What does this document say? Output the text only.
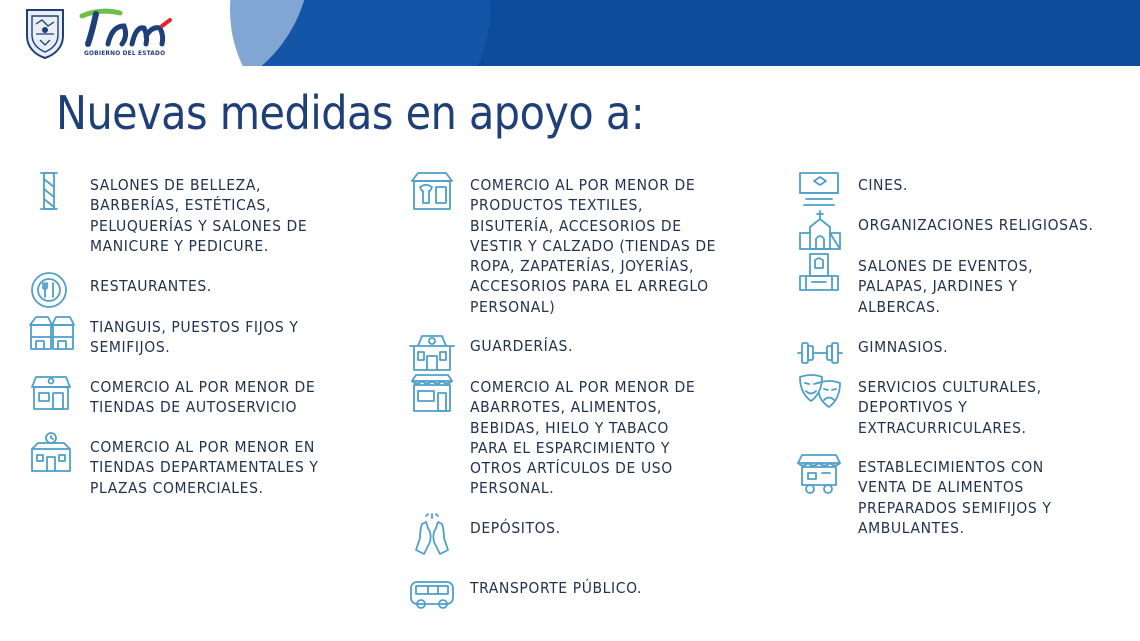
GOBIERNO DEL ESTADO
Nuevas medidas en apoyo a:
SALONES DE BELLEZA,
BARBERÍAS, ESTÉTICAS,
PELUQUERÍAS Y SALONES DE
MANICURE Y PEDICURE.
RESTAURANTES.
TIANGUIS, PUESTOS FIJOS Y
SEMIFIJOS.
COMERCIO AL POR MENOR DE
TIENDAS DE AUTOSERVICIO
COMERCIO AL POR MENOR EN
TIENDAS DEPARTAMENTALES Y
PLAZAS COMERCIALES.
COMERCIO AL POR MENOR DE
PRODUCTOS TEXTILES,
BISUTERÍA, ACCESORIOS DE
VESTIR Y CALZADO (TIENDAS DE
ROPA, ZAPATERÍAS, JOYERÍAS,
ACCESORIOS PARA EL ARREGLO
PERSONAL)
GUARDERÍAS.
COMERCIO AL POR MENOR DE
ABARROTES, ALIMENTOS,
BEBIDAS, HIELO Y TABACO
PARA EL ESPARCIMIENTO Y
OTROS ARTÍCULOS DE USO
PERSONAL.
DEPÓSITOS.
TRANSPORTE PÚBLICO.
CINES.
ORGANIZACIONES RELIGIOSAS.
SALONES DE EVENTOS,
PALAPAS, JARDINES Y
ALBERCAS.
GIMNASIOS.
SERVICIOS CULTURALES,
DEPORTIVOS Y
EXTRACURRICULARES.
ESTABLECIMIENTOS CON
VENTA DE ALIMENTOS
PREPARADOS SEMIFIJOS Y
AMBULANTES.
